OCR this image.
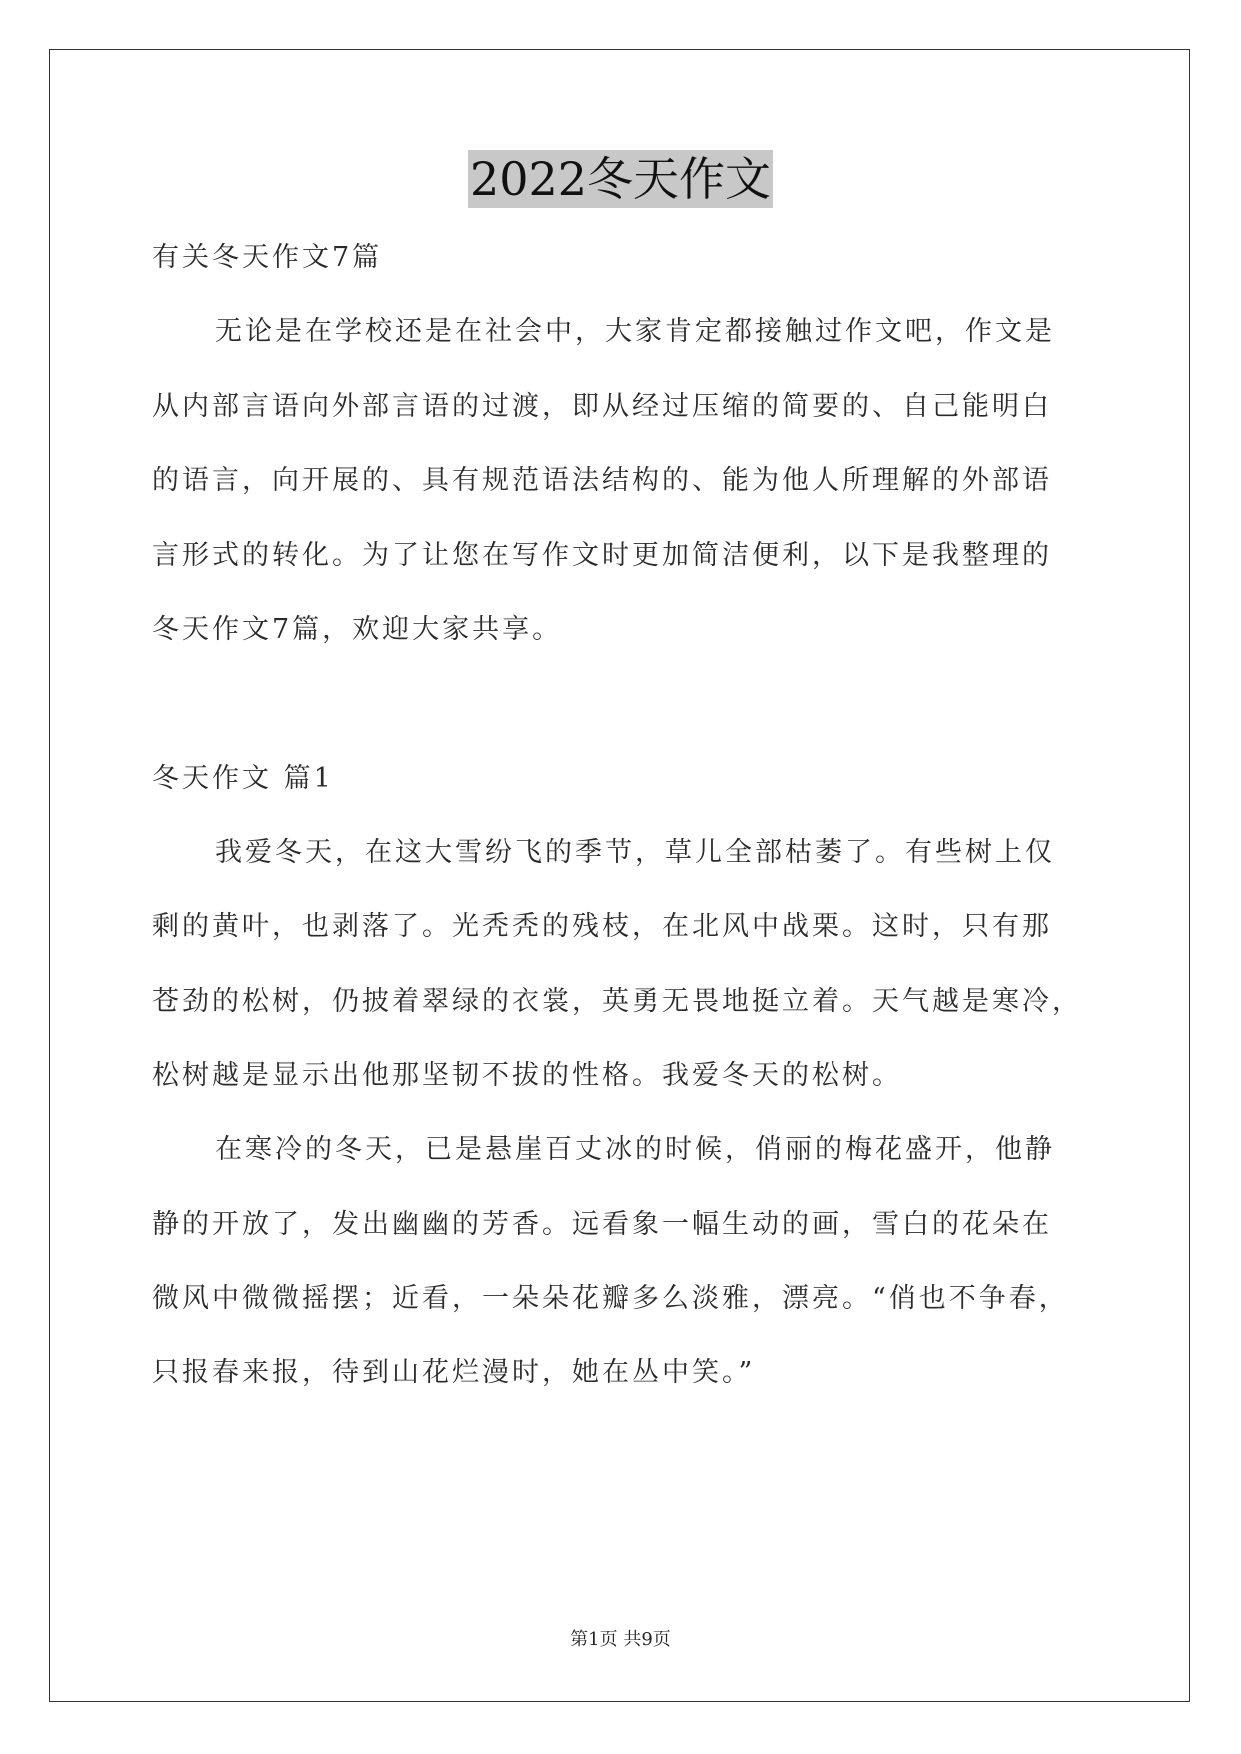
2022冬天作文
有关冬天作文7篇
无论是在学校还是在社会中，大家肯定都接触过作文吧，作文是
从内部言语向外部言语的过渡，即从经过压缩的简要的、自己能明白
的语言，向开展的、具有规范语法结构的、能为他人所理解的外部语
言形式的转化。为了让您在写作文时更加简洁便利，以下是我整理的
冬天作文7篇，欢迎大家共享。
冬天作文 篇1
我爱冬天，在这大雪纷飞的季节，草儿全部枯萎了。有些树上仅
剩的黄叶，也剥落了。光秃秃的残枝，在北风中战栗。这时，只有那
苍劲的松树，仍披着翠绿的衣裳，英勇无畏地挺立着。天气越是寒冷，
松树越是显示出他那坚韧不拔的性格。我爱冬天的松树。
在寒冷的冬天，已是悬崖百丈冰的时候，俏丽的梅花盛开，他静
静的开放了，发出幽幽的芳香。远看象一幅生动的画，雪白的花朵在
微风中微微摇摆；近看，一朵朵花瓣多么淡雅，漂亮。“俏也不争春，
只报春来报，待到山花烂漫时，她在丛中笑。”
第1页 共9页
